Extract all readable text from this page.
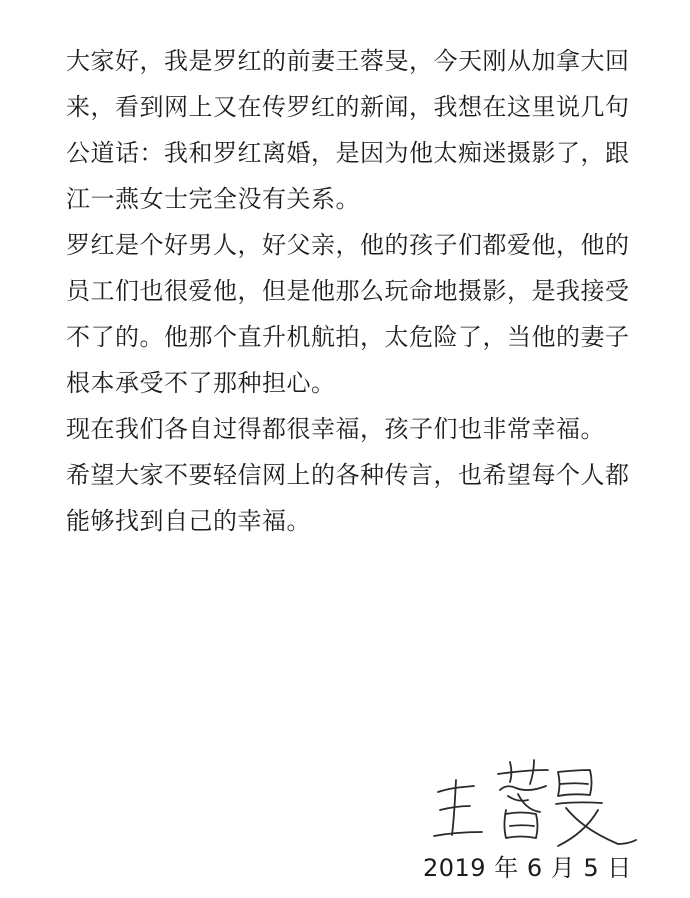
大家好，我是罗红的前妻王蓉旻，今天刚从加拿大回
来，看到网上又在传罗红的新闻，我想在这里说几句
公道话：我和罗红离婚，是因为他太痴迷摄影了，跟
江一燕女士完全没有关系。
罗红是个好男人，好父亲，他的孩子们都爱他，他的
员工们也很爱他，但是他那么玩命地摄影，是我接受
不了的。他那个直升机航拍，太危险了，当他的妻子
根本承受不了那种担心。
现在我们各自过得都很幸福，孩子们也非常幸福。
希望大家不要轻信网上的各种传言，也希望每个人都
能够找到自己的幸福。
2019 年 6 月 5 日
